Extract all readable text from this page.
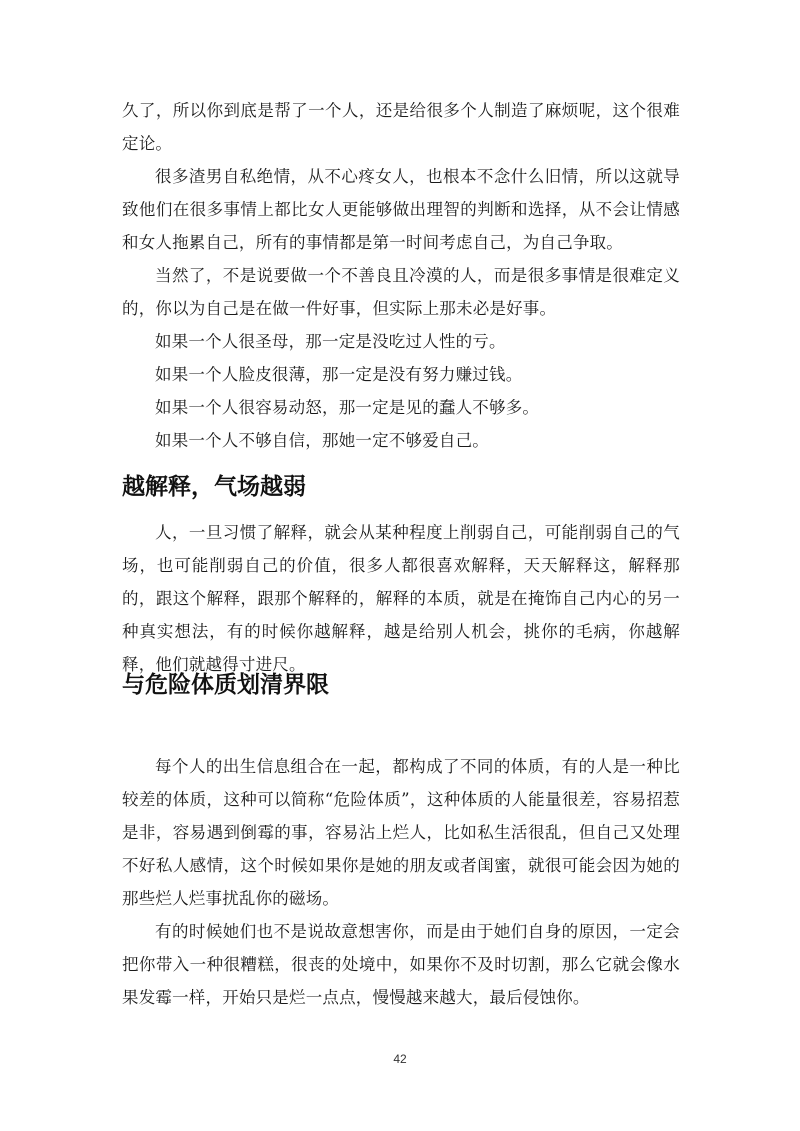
久了，所以你到底是帮了一个人，还是给很多个人制造了麻烦呢，这个很难定论。

很多渣男自私绝情，从不心疼女人，也根本不念什么旧情，所以这就导致他们在很多事情上都比女人更能够做出理智的判断和选择，从不会让情感和女人拖累自己，所有的事情都是第一时间考虑自己，为自己争取。

当然了，不是说要做一个不善良且冷漠的人，而是很多事情是很难定义的，你以为自己是在做一件好事，但实际上那未必是好事。

如果一个人很圣母，那一定是没吃过人性的亏。

如果一个人脸皮很薄，那一定是没有努力赚过钱。

如果一个人很容易动怒，那一定是见的蠢人不够多。

如果一个人不够自信，那她一定不够爱自己。

越解释，气场越弱

人，一旦习惯了解释，就会从某种程度上削弱自己，可能削弱自己的气场，也可能削弱自己的价值，很多人都很喜欢解释，天天解释这，解释那的，跟这个解释，跟那个解释的，解释的本质，就是在掩饰自己内心的另一种真实想法，有的时候你越解释，越是给别人机会，挑你的毛病，你越解释，他们就越得寸进尺。

与危险体质划清界限

每个人的出生信息组合在一起，都构成了不同的体质，有的人是一种比较差的体质，这种可以简称“危险体质”，这种体质的人能量很差，容易招惹是非，容易遇到倒霉的事，容易沾上烂人，比如私生活很乱，但自己又处理不好私人感情，这个时候如果你是她的朋友或者闺蜜，就很可能会因为她的那些烂人烂事扰乱你的磁场。

有的时候她们也不是说故意想害你，而是由于她们自身的原因，一定会把你带入一种很糟糕，很丧的处境中，如果你不及时切割，那么它就会像水果发霉一样，开始只是烂一点点，慢慢越来越大，最后侵蚀你。

42
